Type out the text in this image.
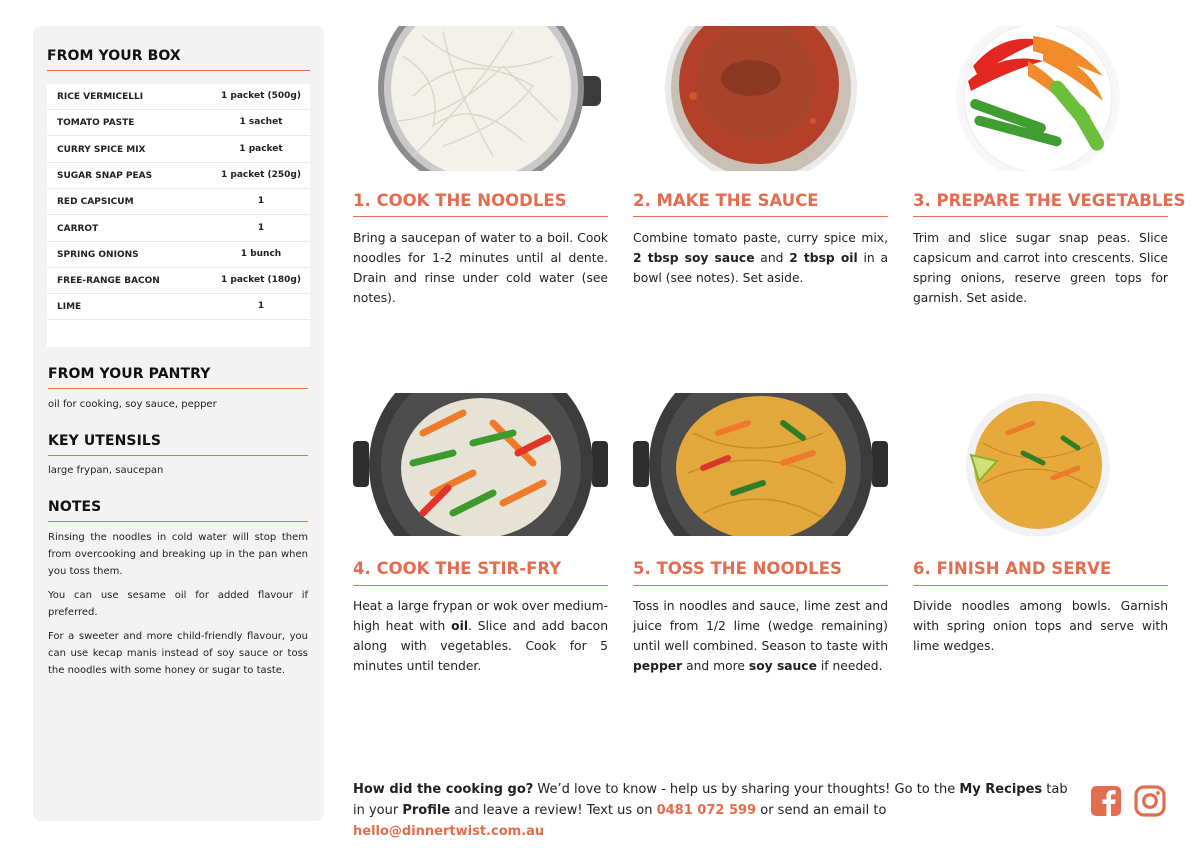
FROM YOUR BOX
RICE VERMICELLI	1 packet (500g)
TOMATO PASTE	1 sachet
CURRY SPICE MIX	1 packet
SUGAR SNAP PEAS	1 packet (250g)
RED CAPSICUM	1
CARROT	1
SPRING ONIONS	1 bunch
FREE-RANGE BACON	1 packet (180g)
LIME	1
FROM YOUR PANTRY
oil for cooking, soy sauce, pepper
KEY UTENSILS
large frypan, saucepan
NOTES
Rinsing the noodles in cold water will stop them from overcooking and breaking up in the pan when you toss them.
You can use sesame oil for added flavour if preferred.
For a sweeter and more child-friendly flavour, you can use kecap manis instead of soy sauce or toss the noodles with some honey or sugar to taste.
1. COOK THE NOODLES
Bring a saucepan of water to a boil. Cook noodles for 1-2 minutes until al dente. Drain and rinse under cold water (see notes).
2. MAKE THE SAUCE
Combine tomato paste, curry spice mix, 2 tbsp soy sauce and 2 tbsp oil in a bowl (see notes). Set aside.
3. PREPARE THE VEGETABLES
Trim and slice sugar snap peas. Slice capsicum and carrot into crescents. Slice spring onions, reserve green tops for garnish. Set aside.
4. COOK THE STIR-FRY
Heat a large frypan or wok over medium-high heat with oil. Slice and add bacon along with vegetables. Cook for 5 minutes until tender.
5. TOSS THE NOODLES
Toss in noodles and sauce, lime zest and juice from 1/2 lime (wedge remaining) until well combined. Season to taste with pepper and more soy sauce if needed.
6. FINISH AND SERVE
Divide noodles among bowls. Garnish with spring onion tops and serve with lime wedges.
How did the cooking go? We’d love to know - help us by sharing your thoughts! Go to the My Recipes tab in your Profile and leave a review! Text us on 0481 072 599 or send an email to hello@dinnertwist.com.au
